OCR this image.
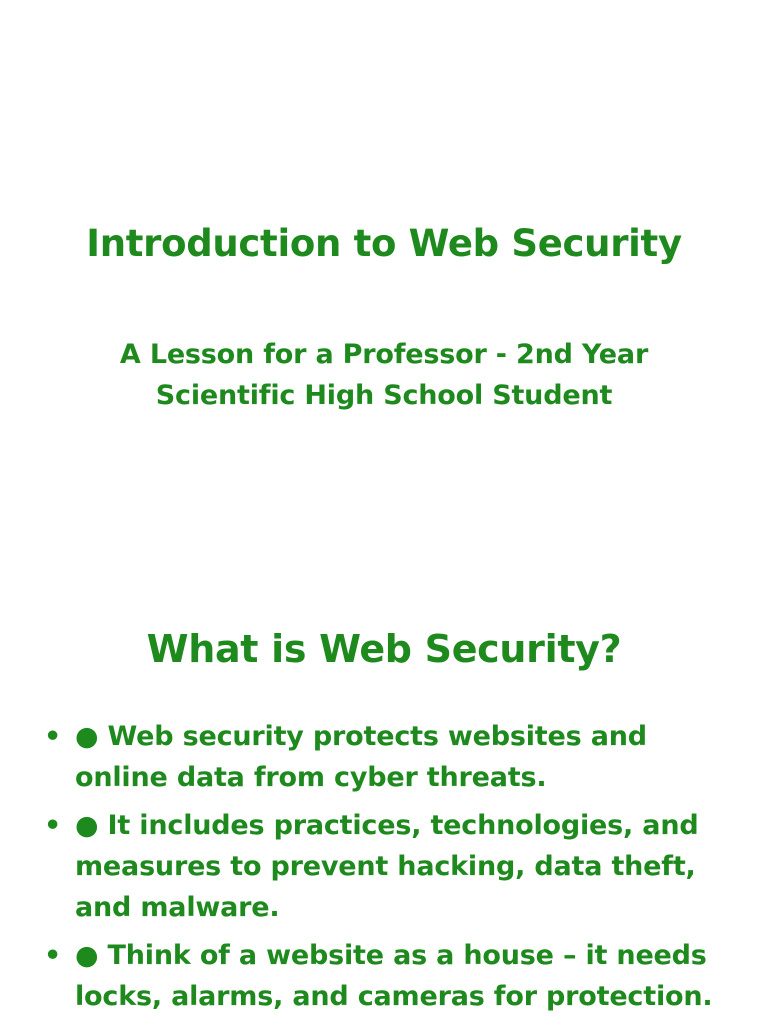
Introduction to Web Security
A Lesson for a Professor - 2nd Year
Scientific High School Student
What is Web Security?
• ● Web security protects websites and online data from cyber threats.
• ● It includes practices, technologies, and measures to prevent hacking, data theft, and malware.
• ● Think of a website as a house – it needs locks, alarms, and cameras for protection.
